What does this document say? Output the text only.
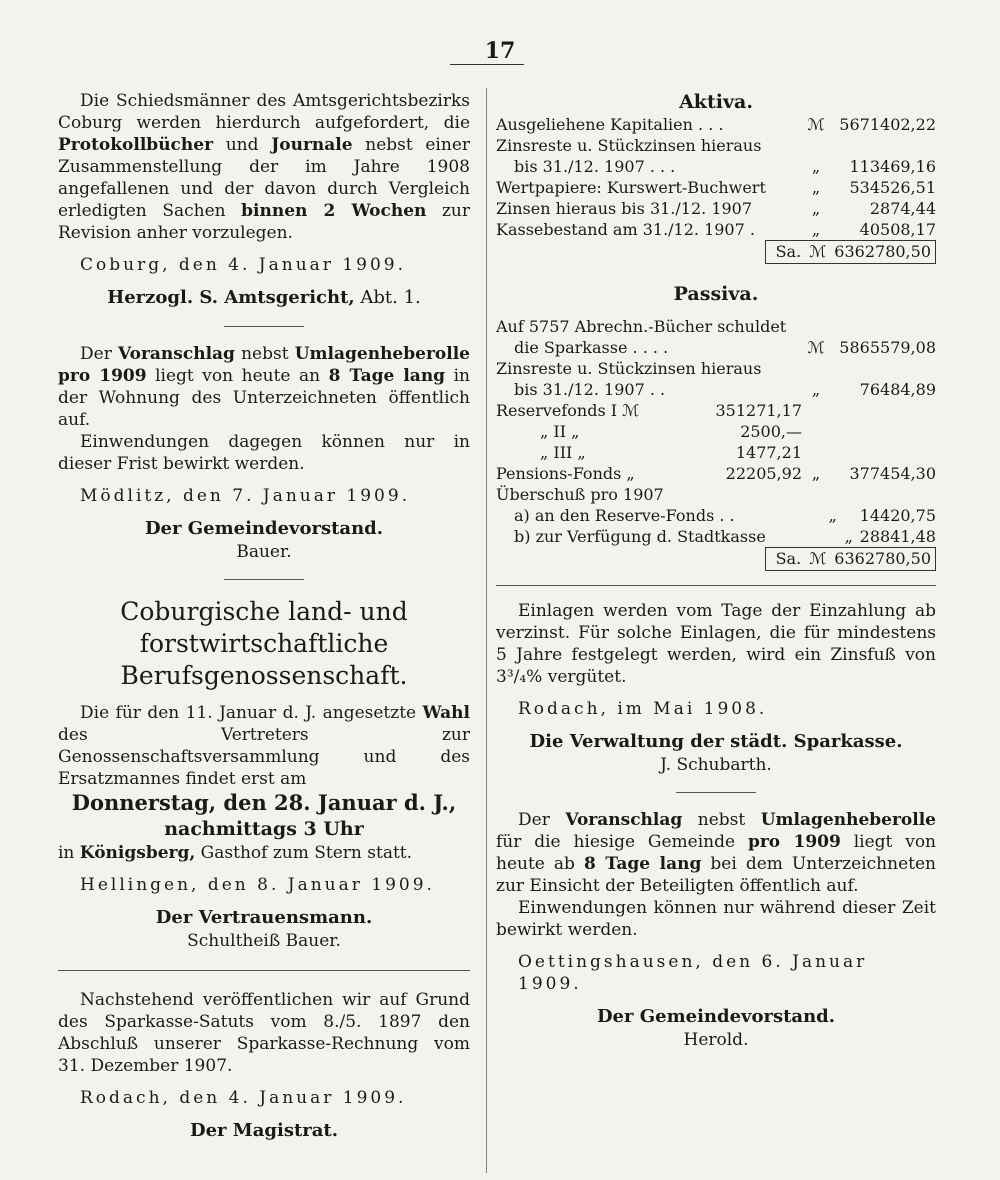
17

Die Schiedsmänner des Amtsgerichtsbezirks Coburg werden hierdurch aufgefordert, die Protokollbücher und Journale nebst einer Zusammenstellung der im Jahre 1908 angefallenen und der davon durch Vergleich erledigten Sachen binnen 2 Wochen zur Revision anher vorzulegen.

Coburg, den 4. Januar 1909.
Herzogl. S. Amtsgericht, Abt. 1.

Der Voranschlag nebst Umlagenheberolle pro 1909 liegt von heute an 8 Tage lang in der Wohnung des Unterzeichneten öffentlich auf.

Einwendungen dagegen können nur in dieser Frist bewirkt werden.

Mödlitz, den 7. Januar 1909.
Der Gemeindevorstand.
Bauer.
Coburgische land- und
forstwirtschaftliche Berufsgenossenschaft.

Die für den 11. Januar d. J. angesetzte Wahl des Vertreters zur Genossenschaftsversammlung und des Ersatzmannes findet erst am

Donnerstag, den 28. Januar d. J.,
nachmittags 3 Uhr

in Königsberg, Gasthof zum Stern statt.

Hellingen, den 8. Januar 1909.
Der Vertrauensmann.
Schultheiß Bauer.

Nachstehend veröffentlichen wir auf Grund des Sparkasse-Satuts vom 8./5. 1897 den Abschluß unserer Sparkasse-Rechnung vom 31. Dezember 1907.

Rodach, den 4. Januar 1909.
Der Magistrat.
Aktiva.
Ausgeliehene Kapitalien . . .	ℳ 5671402,22
Zinsreste u. Stückzinsen hieraus
bis 31./12. 1907 . . .	„	113469,16
Wertpapiere: Kurswert-Buchwert	„	534526,51
Zinsen hieraus bis 31./12. 1907	„	2874,44
Kassebestand am 31./12. 1907 .	„	40508,17
Sa. ℳ 6362780,50
Passiva.
Auf 5757 Abrechn.-Bücher schuldet
die Sparkasse . . . .	ℳ 5865579,08
Zinsreste u. Stückzinsen hieraus
bis 31./12. 1907 . .	„	76484,89
Reservefonds I ℳ	351271,17
„ II „	2500,—
„ III „	1477,21
Pensions-Fonds „	22205,92 „	377454,30
Überschuß pro 1907
a) an den Reserve-Fonds . .	„	14420,75
b) zur Verfügung d. Stadtkasse	„ 28841,48
Sa. ℳ 6362780,50

Einlagen werden vom Tage der Einzahlung ab verzinst. Für solche Einlagen, die für mindestens 5 Jahre festgelegt werden, wird ein Zinsfuß von 3³/₄% vergütet.

Rodach, im Mai 1908.
Die Verwaltung der städt. Sparkasse.
J. Schubarth.

Der Voranschlag nebst Umlagenheberolle für die hiesige Gemeinde pro 1909 liegt von heute ab 8 Tage lang bei dem Unterzeichneten zur Einsicht der Beteiligten öffentlich auf.

Einwendungen können nur während dieser Zeit bewirkt werden.

Oettingshausen, den 6. Januar 1909.
Der Gemeindevorstand.
Herold.
